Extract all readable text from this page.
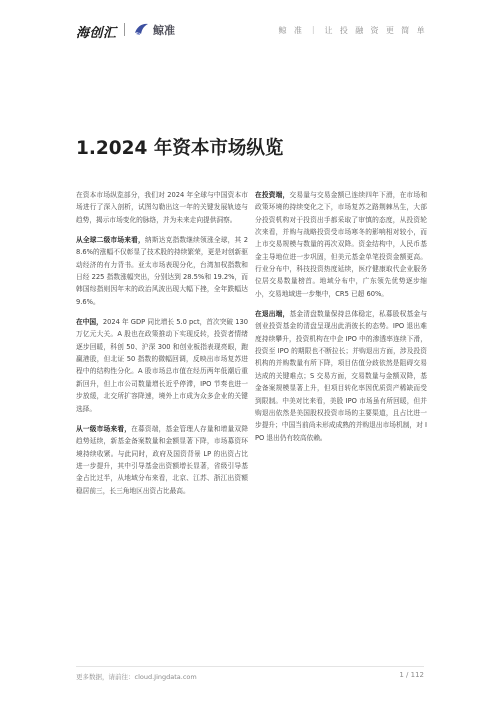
海创汇	鲸准	鲸 准 ｜ 让 投 融 资 更 简 单
1.2024 年资本市场纵览

在资本市场纵览部分，我们对 2024 年全球与中国资本市场进行了深入剖析，试图勾勒出这一年的关键发展轨迹与趋势，揭示市场变化的脉络，并为未来走向提供洞察。

从全球二级市场来看，纳斯达克指数继续领涨全球，其 28.6%的涨幅不仅彰显了技术股的持续繁荣，更是对创新驱动经济的有力背书。亚太市场表现分化，台湾加权指数和日经 225 指数涨幅突出，分别达到 28.5%和 19.2%，而韩国综指则因年末的政治风波出现大幅下挫，全年跌幅达 9.6%。

在中国，2024 年 GDP 同比增长 5.0 pct，首次突破 130 万亿元大关。A 股也在政策推动下实现反转，投资者情绪逐步回暖，科创 50、沪深 300 和创业板指表现亮眼，跑赢港股，但北证 50 指数的微幅回调，反映出市场复苏进程中的结构性分化。A 股市场总市值在经历两年低潮后重新回升，但上市公司数量增长近乎停滞，IPO 节奏也进一步放缓，北交所扩容降速，境外上市成为众多企业的关键选择。

从一级市场来看，在募资端，基金管理人存量和增量双降趋势延续，新基金备案数量和金额显著下降，市场募资环境持续收紧。与此同时，政府及国资背景 LP 的出资占比进一步提升，其中引导基金出资额增长显著，省级引导基金占比过半，从地域分布来看，北京、江苏、浙江出资額稳居前三，长三角地区出资占比最高。

在投资端，交易量与交易金额已连续四年下滑，在市场和政策环境的持续变化之下，市场复苏之路荆棘丛生，大部分投资机构对于投资出手都采取了审慎的态度，从投资轮次来看，并购与战略投资受市场寒冬的影响相对较小，而上市交易规模与数量的再次双降。资金结构中，人民币基金主导地位进一步巩固，但美元基金单笔投资金额更高。行业分布中，科技投资热度延续，医疗健康取代企业服务位居交易数量榜首。地域分布中，广东领先优势逐步缩小，交易地域进一步集中，CR5 已超 60%。

在退出端，基金清盘数量保持总体稳定，私募股权基金与创业投资基金的清盘呈现出此消彼长的态势。IPO 退出难度持续攀升，投资机构在中企 IPO 中的渗透率连续下滑，投资至 IPO 的期限也不断拉长；并购退出方面，涉及投资机构的并购数量有所下降，项目估值分歧依然是阻碍交易达成的关键难点；S 交易方面，交易数量与金额双降，基金备案规模显著上升，但项目转化率因优质资产稀缺而受到限制。中美对比来看，美股 IPO 市场虽有所回暖，但并购退出依然是美国股权投资市场的主要渠道，且占比进一步提升；中国当前尚未形成成熟的并购退出市场机制，对 IPO 退出仍有较高依赖。

更多数据，请前往：cloud.Jingdata.com	1 / 112
